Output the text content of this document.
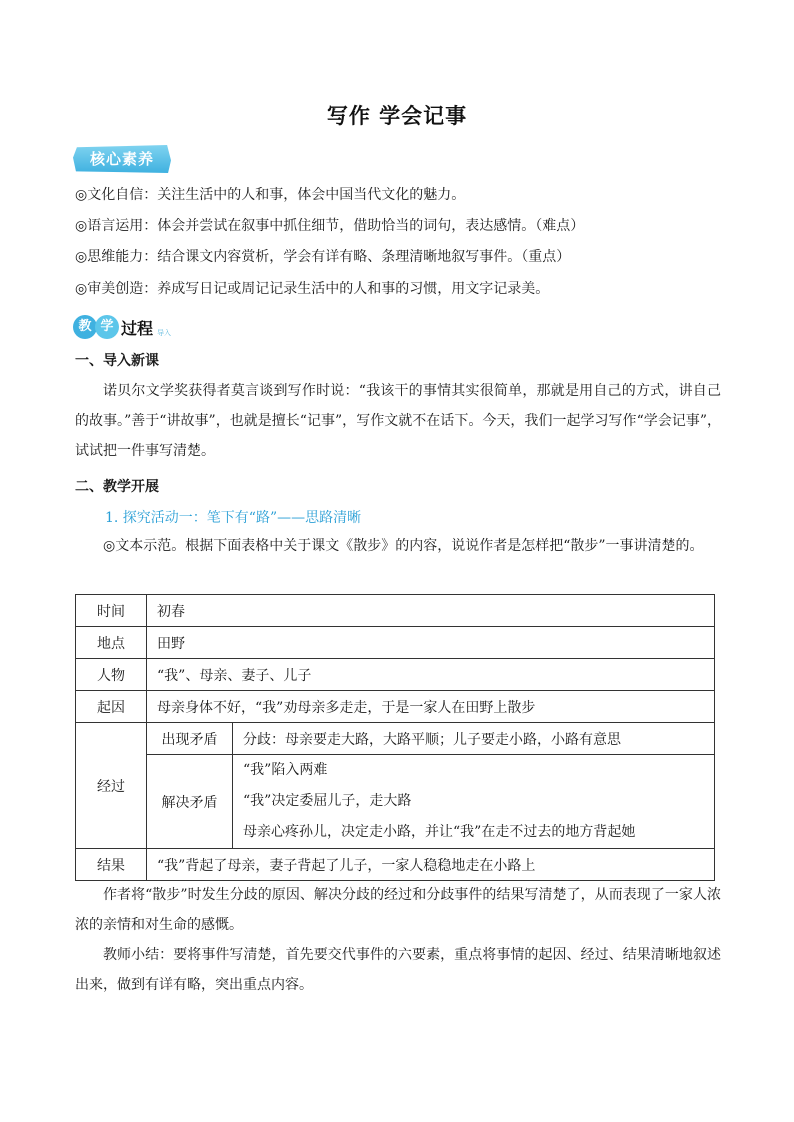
写作 学会记事
核心素养
◎文化自信：关注生活中的人和事，体会中国当代文化的魅力。
◎语言运用：体会并尝试在叙事中抓住细节，借助恰当的词句，表达感情。（难点）
◎思维能力：结合课文内容赏析，学会有详有略、条理清晰地叙写事件。（重点）
◎审美创造：养成写日记或周记记录生活中的人和事的习惯，用文字记录美。
教 学 过程 导入
一、导入新课
诺贝尔文学奖获得者莫言谈到写作时说：“我该干的事情其实很简单，那就是用自己的方式，讲自己的故事。”善于“讲故事”，也就是擅长“记事”，写作文就不在话下。今天，我们一起学习写作“学会记事”，试试把一件事写清楚。
二、教学开展
1. 探究活动一：笔下有“路”——思路清晰
◎文本示范。根据下面表格中关于课文《散步》的内容，说说作者是怎样把“散步”一事讲清楚的。
时间	初春	
地点	田野	
人物	“我”、母亲、妻子、儿子	
起因	母亲身体不好，“我”劝母亲多走走，于是一家人在田野上散步	
经过	出现矛盾	分歧：母亲要走大路，大路平顺；儿子要走小路，小路有意思
	解决矛盾	“我”陷入两难
“我”决定委屈儿子，走大路
母亲心疼孙儿，决定走小路，并让“我”在走不过去的地方背起她

结果	“我”背起了母亲，妻子背起了儿子，一家人稳稳地走在小路上	
作者将“散步”时发生分歧的原因、解决分歧的经过和分歧事件的结果写清楚了，从而表现了一家人浓浓的亲情和对生命的感慨。
教师小结：要将事件写清楚，首先要交代事件的六要素，重点将事情的起因、经过、结果清晰地叙述出来，做到有详有略，突出重点内容。
